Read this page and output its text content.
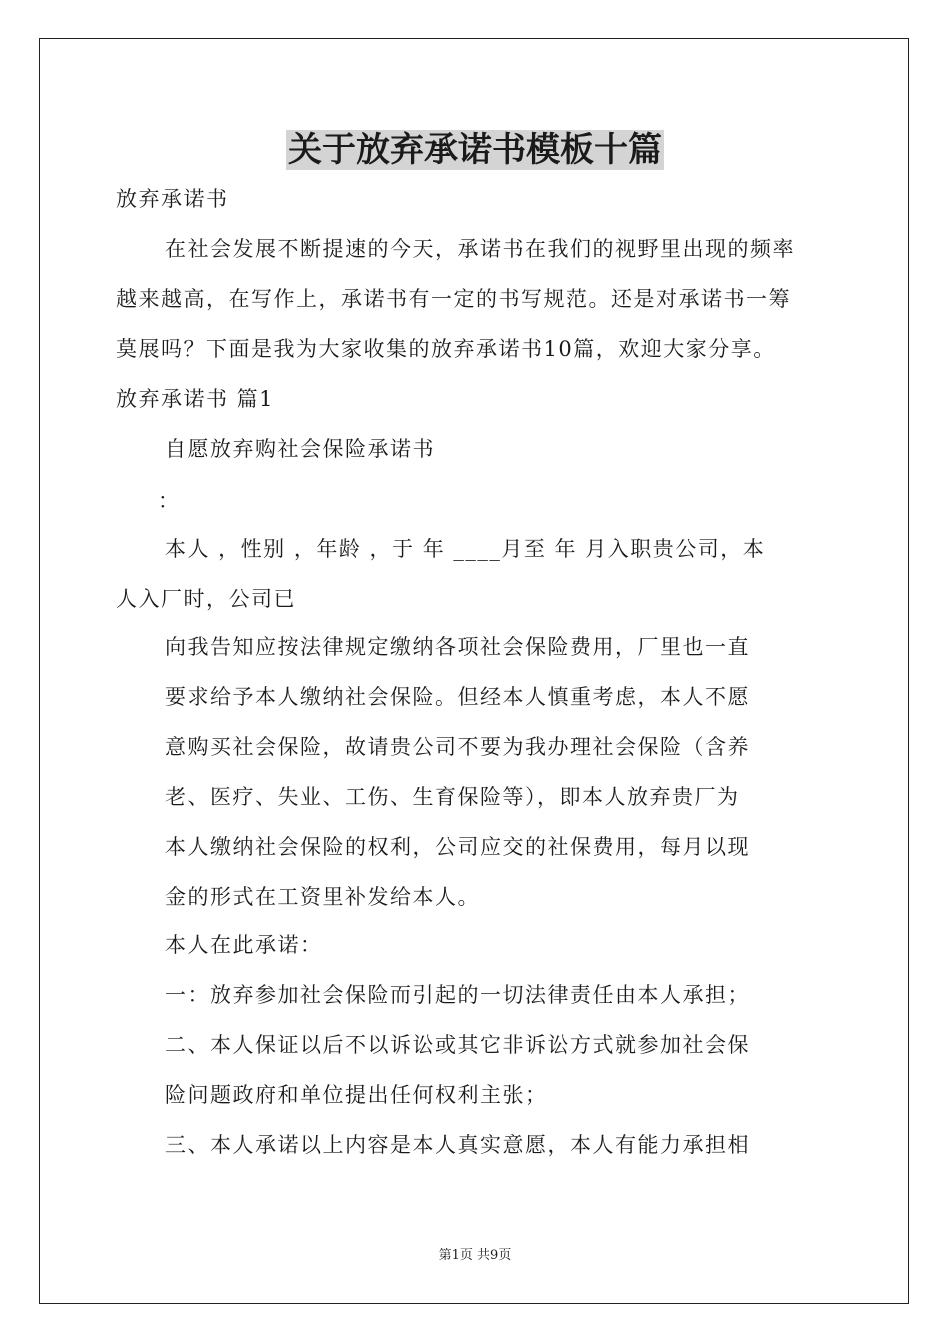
关于放弃承诺书模板十篇
放弃承诺书
在社会发展不断提速的今天，承诺书在我们的视野里出现的频率
越来越高，在写作上，承诺书有一定的书写规范。还是对承诺书一筹
莫展吗？下面是我为大家收集的放弃承诺书10篇，欢迎大家分享。
放弃承诺书 篇1
自愿放弃购社会保险承诺书
：
本人 ，性别 ，年龄 ，于 年 ____月至 年 月入职贵公司，本
人入厂时，公司已
向我告知应按法律规定缴纳各项社会保险费用，厂里也一直
要求给予本人缴纳社会保险。但经本人慎重考虑，本人不愿
意购买社会保险，故请贵公司不要为我办理社会保险（含养
老、医疗、失业、工伤、生育保险等），即本人放弃贵厂为
本人缴纳社会保险的权利，公司应交的社保费用，每月以现
金的形式在工资里补发给本人。
本人在此承诺：
一：放弃参加社会保险而引起的一切法律责任由本人承担；
二、本人保证以后不以诉讼或其它非诉讼方式就参加社会保
险问题政府和单位提出任何权利主张；
三、本人承诺以上内容是本人真实意愿，本人有能力承担相
第1页 共9页
